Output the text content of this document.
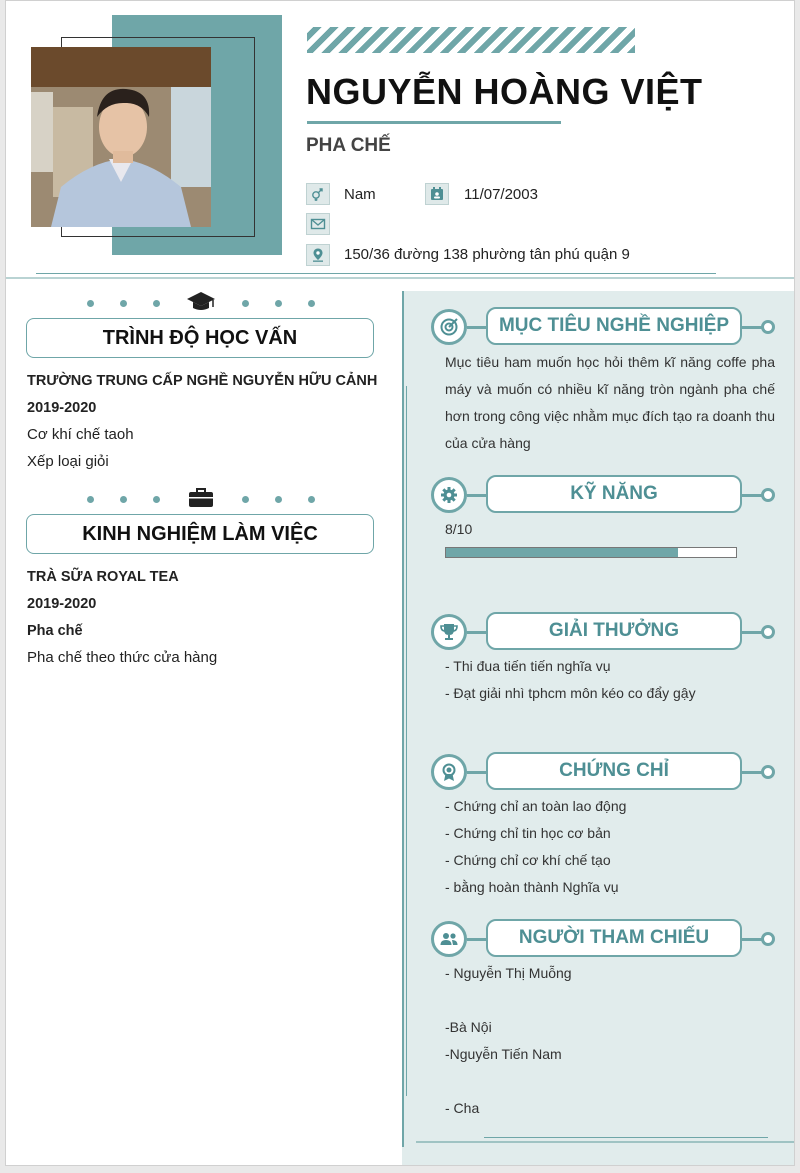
NGUYỄN HOÀNG VIỆT
PHA CHẾ
Nam	11/07/2003
150/36 đường 138 phường tân phú quận 9
TRÌNH ĐỘ HỌC VẤN
TRƯỜNG TRUNG CẤP NGHỀ NGUYỄN HỮU CẢNH
2019-2020
Cơ khí chế taoh
Xếp loại giỏi
KINH NGHIỆM LÀM VIỆC
TRÀ SỮA ROYAL TEA
2019-2020
Pha chế
Pha chế theo thức cửa hàng
MỤC TIÊU NGHỀ NGHIỆP
Mục tiêu ham muốn học hỏi thêm kĩ năng coffe pha máy và muốn có nhiều kĩ năng tròn ngành pha chế hơn trong công việc nhằm mục đích tạo ra doanh thu của cửa hàng
KỸ NĂNG
8/10
GIẢI THƯỞNG
- Thi đua tiến tiến nghĩa vụ
- Đạt giải nhì tphcm môn kéo co đẩy gậy
CHỨNG CHỈ
- Chứng chỉ an toàn lao động
- Chứng chỉ tin học cơ bản
- Chứng chỉ cơ khí chế tạo
- bằng hoàn thành Nghĩa vụ
NGƯỜI THAM CHIẾU
- Nguyễn Thị Muỗng
-Bà Nội
-Nguyễn Tiến Nam
- Cha
